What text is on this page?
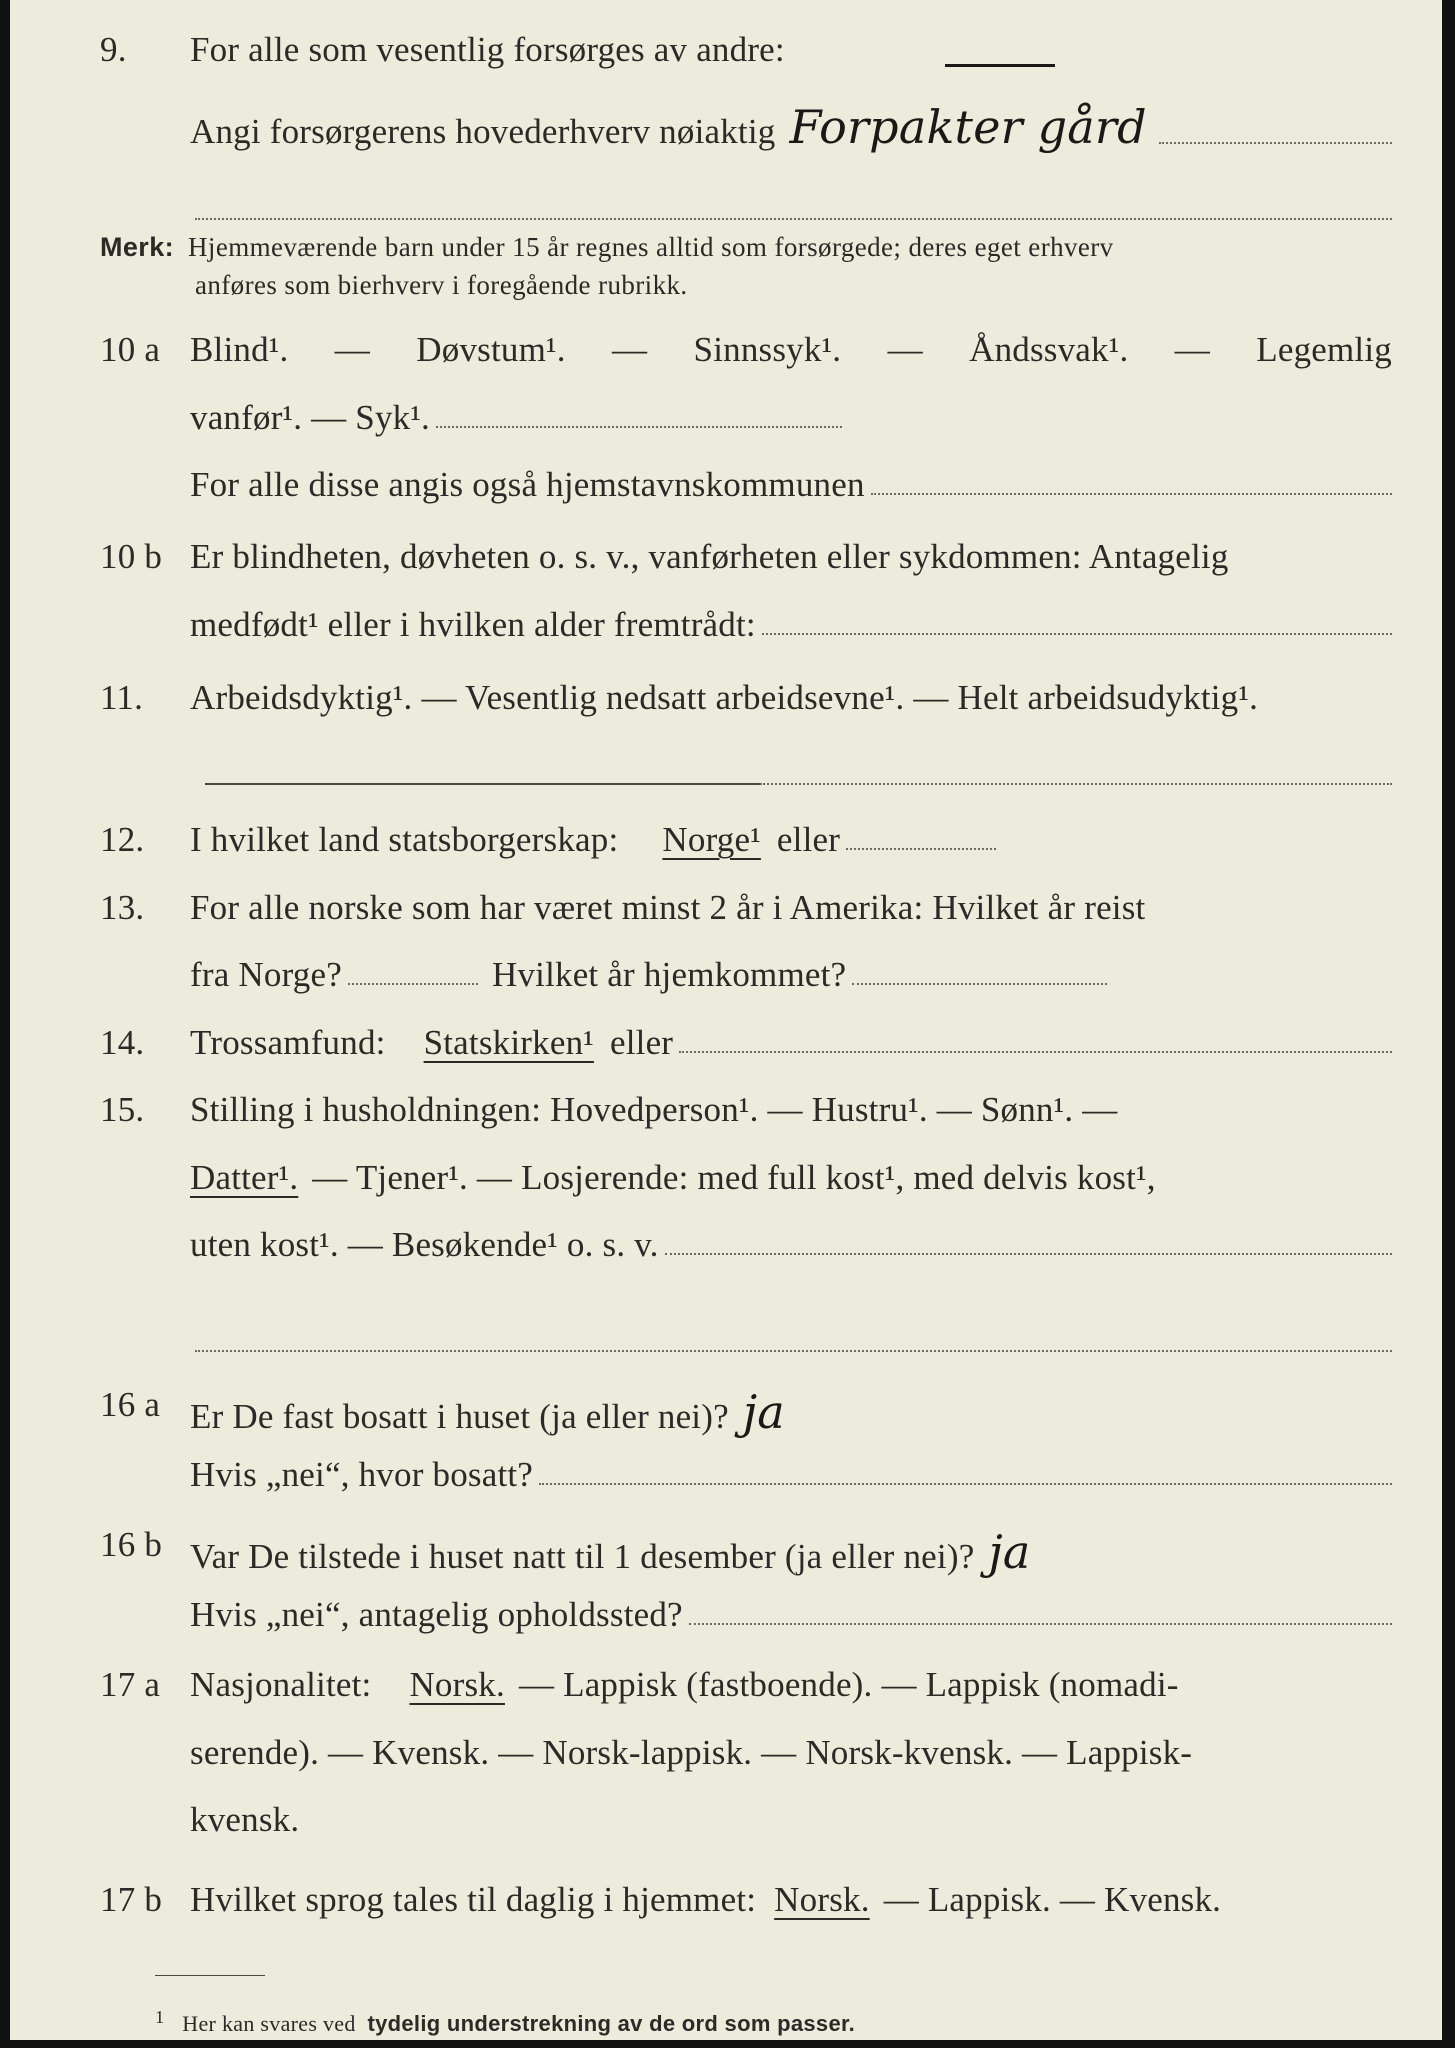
9.	For alle som vesentlig forsørges av andre:
Angi forsørgerens hovederhverv nøiaktig Forpakter gård
Merk: Hjemmeværende barn under 15 år regnes alltid som forsørgede; deres eget erhverv
anføres som bierhverv i foregående rubrikk.
10 a Blind¹. — Døvstum¹. — Sinnssyk¹. — Åndssvak¹. — Legemlig
vanfør¹. — Syk¹.
For alle disse angis også hjemstavnskommunen
10 b Er blindheten, døvheten o. s. v., vanførheten eller sykdommen: Antagelig
medfødt¹ eller i hvilken alder fremtrådt:
11.	Arbeidsdyktig¹. — Vesentlig nedsatt arbeidsevne¹. — Helt arbeidsudyktig¹.
12.	I hvilket land statsborgerskap: Norge¹ eller
13.	For alle norske som har været minst 2 år i Amerika: Hvilket år reist
fra Norge?	Hvilket år hjemkommet?
14.	Trossamfund: Statskirken¹ eller
15.	Stilling i husholdningen: Hovedperson¹. — Hustru¹. — Sønn¹. —
Datter¹. — Tjener¹. — Losjerende: med full kost¹, med delvis kost¹,
uten kost¹. — Besøkende¹ o. s. v.
16 a Er De fast bosatt i huset (ja eller nei)? ja
Hvis „nei“, hvor bosatt?
16 b Var De tilstede i huset natt til 1 desember (ja eller nei)? ja
Hvis „nei“, antagelig opholdssted?
17 a Nasjonalitet: Norsk. — Lappisk (fastboende). — Lappisk (nomadi-
serende). — Kvensk. — Norsk-lappisk. — Norsk-kvensk. — Lappisk-
kvensk.
17 b Hvilket sprog tales til daglig i hjemmet: Norsk. — Lappisk. — Kvensk.
$^1$ Her kan svares ved tydelig understrekning av de ord som passer.
